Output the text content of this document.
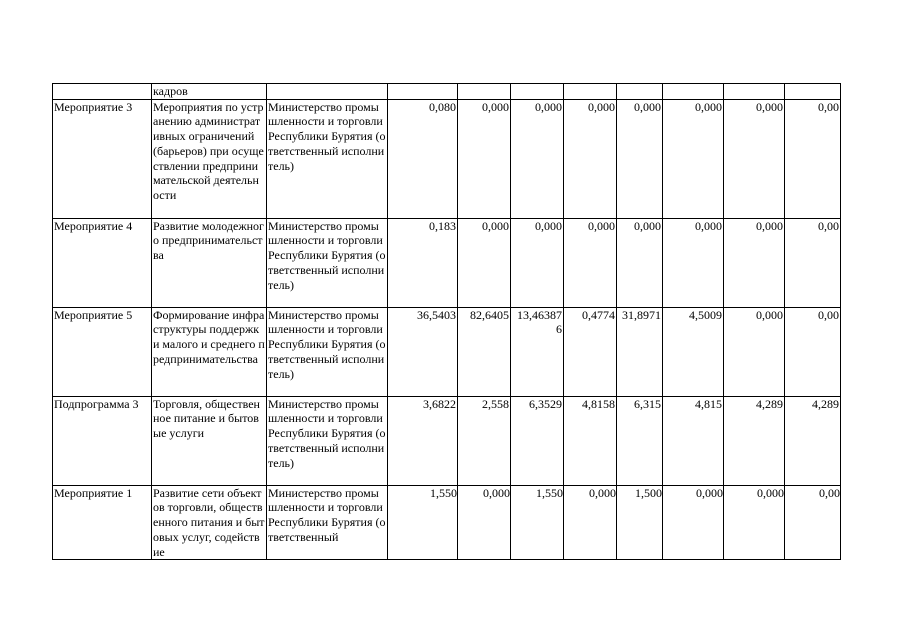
	кадров									
Мероприятие 3	Мероприятия по устранению административных ограничений (барьеров) при осуществлении предпринимательской деятельности	Министерство промышленности и торговли Республики Бурятия (ответственный исполнитель)	0,080	0,000	0,000	0,000	0,000	0,000	0,000	0,00
Мероприятие 4	Развитие молодежного предпринимательства	Министерство промышленности и торговли Республики Бурятия (ответственный исполнитель)	0,183	0,000	0,000	0,000	0,000	0,000	0,000	0,00
Мероприятие 5	Формирование инфраструктуры поддержки малого и среднего предпринимательства	Министерство промышленности и торговли Республики Бурятия (ответственный исполнитель)	36,5403	82,6405	13,463876	0,4774	31,8971	4,5009	0,000	0,00
Подпрограмма 3	Торговля, общественное питание и бытовые услуги	Министерство промышленности и торговли Республики Бурятия (ответственный исполнитель)	3,6822	2,558	6,3529	4,8158	6,315	4,815	4,289	4,289
Мероприятие 1	Развитие сети объектов торговли, общественного питания и бытовых услуг, содействие	Министерство промышленности и торговли Республики Бурятия (ответственный	1,550	0,000	1,550	0,000	1,500	0,000	0,000	0,00
